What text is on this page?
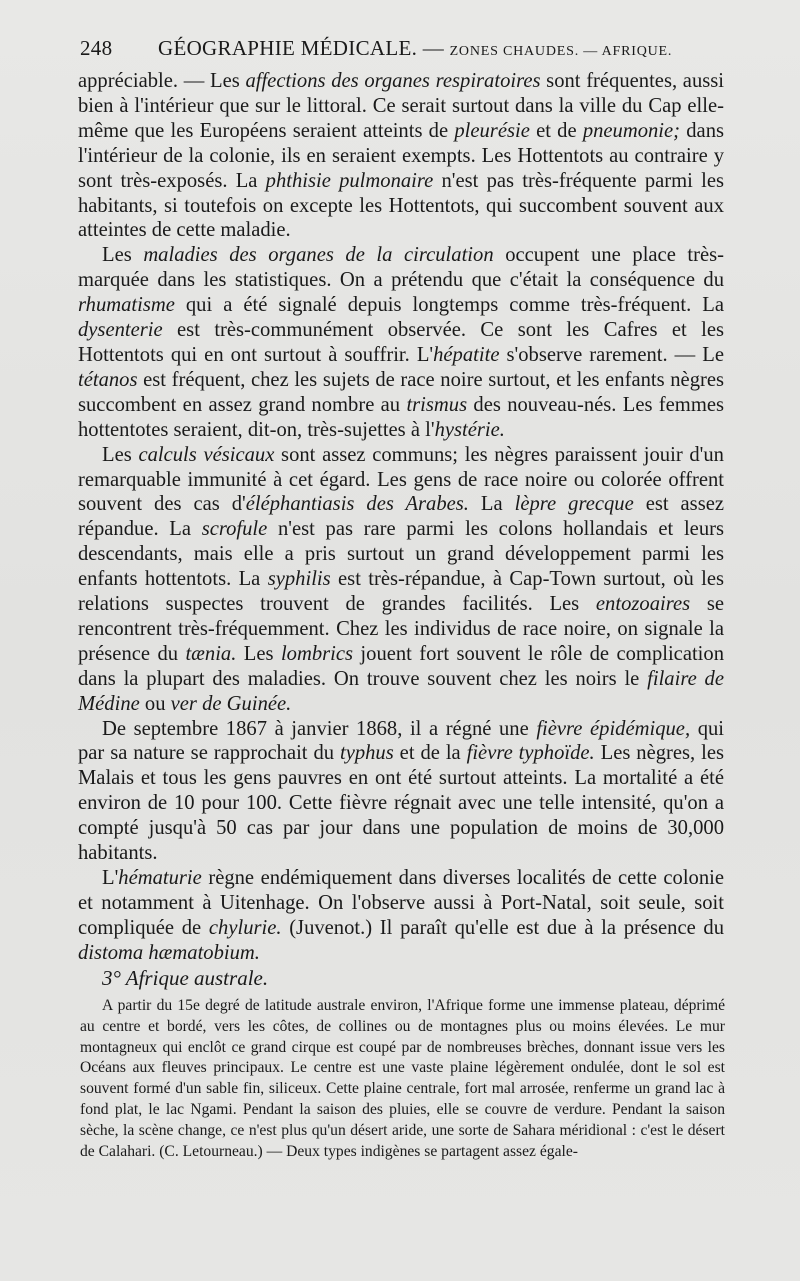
248 GÉOGRAPHIE MÉDICALE. — ZONES CHAUDES. — AFRIQUE.

appréciable. — Les affections des organes respiratoires sont fréquentes, aussi bien à l'intérieur que sur le littoral. Ce serait surtout dans la ville du Cap elle-même que les Européens seraient atteints de pleurésie et de pneumonie; dans l'intérieur de la colonie, ils en seraient exempts. Les Hottentots au contraire y sont très-exposés. La phthisie pulmonaire n'est pas très-fréquente parmi les habitants, si toutefois on excepte les Hottentots, qui succombent souvent aux atteintes de cette maladie.

Les maladies des organes de la circulation occupent une place très-marquée dans les statistiques. On a prétendu que c'était la conséquence du rhumatisme qui a été signalé depuis longtemps comme très-fréquent. La dysenterie est très-communément observée. Ce sont les Cafres et les Hottentots qui en ont surtout à souffrir. L'hépatite s'observe rarement. — Le tétanos est fréquent, chez les sujets de race noire surtout, et les enfants nègres succombent en assez grand nombre au trismus des nouveau-nés. Les femmes hottentotes seraient, dit-on, très-sujettes à l'hystérie.

Les calculs vésicaux sont assez communs; les nègres paraissent jouir d'un remarquable immunité à cet égard. Les gens de race noire ou colorée offrent souvent des cas d'éléphantiasis des Arabes. La lèpre grecque est assez répandue. La scrofule n'est pas rare parmi les colons hollandais et leurs descendants, mais elle a pris surtout un grand développement parmi les enfants hottentots. La syphilis est très-répandue, à Cap-Town surtout, où les relations suspectes trouvent de grandes facilités. Les entozoaires se rencontrent très-fréquemment. Chez les individus de race noire, on signale la présence du tænia. Les lombrics jouent fort souvent le rôle de complication dans la plupart des maladies. On trouve souvent chez les noirs le filaire de Médine ou ver de Guinée.

De septembre 1867 à janvier 1868, il a régné une fièvre épidémique, qui par sa nature se rapprochait du typhus et de la fièvre typhoïde. Les nègres, les Malais et tous les gens pauvres en ont été surtout atteints. La mortalité a été environ de 10 pour 100. Cette fièvre régnait avec une telle intensité, qu'on a compté jusqu'à 50 cas par jour dans une population de moins de 30,000 habitants.

L'hématurie règne endémiquement dans diverses localités de cette colonie et notamment à Uitenhage. On l'observe aussi à Port-Natal, soit seule, soit compliquée de chylurie. (Juvenot.) Il paraît qu'elle est due à la présence du distoma hæmatobium.

3° Afrique australe.

A partir du 15e degré de latitude australe environ, l'Afrique forme une immense plateau, déprimé au centre et bordé, vers les côtes, de collines ou de montagnes plus ou moins élevées. Le mur montagneux qui enclôt ce grand cirque est coupé par de nombreuses brèches, donnant issue vers les Océans aux fleuves principaux. Le centre est une vaste plaine légèrement ondulée, dont le sol est souvent formé d'un sable fin, siliceux. Cette plaine centrale, fort mal arrosée, renferme un grand lac à fond plat, le lac Ngami. Pendant la saison des pluies, elle se couvre de verdure. Pendant la saison sèche, la scène change, ce n'est plus qu'un désert aride, une sorte de Sahara méridional : c'est le désert de Calahari. (C. Letourneau.) — Deux types indigènes se partagent assez égale-
